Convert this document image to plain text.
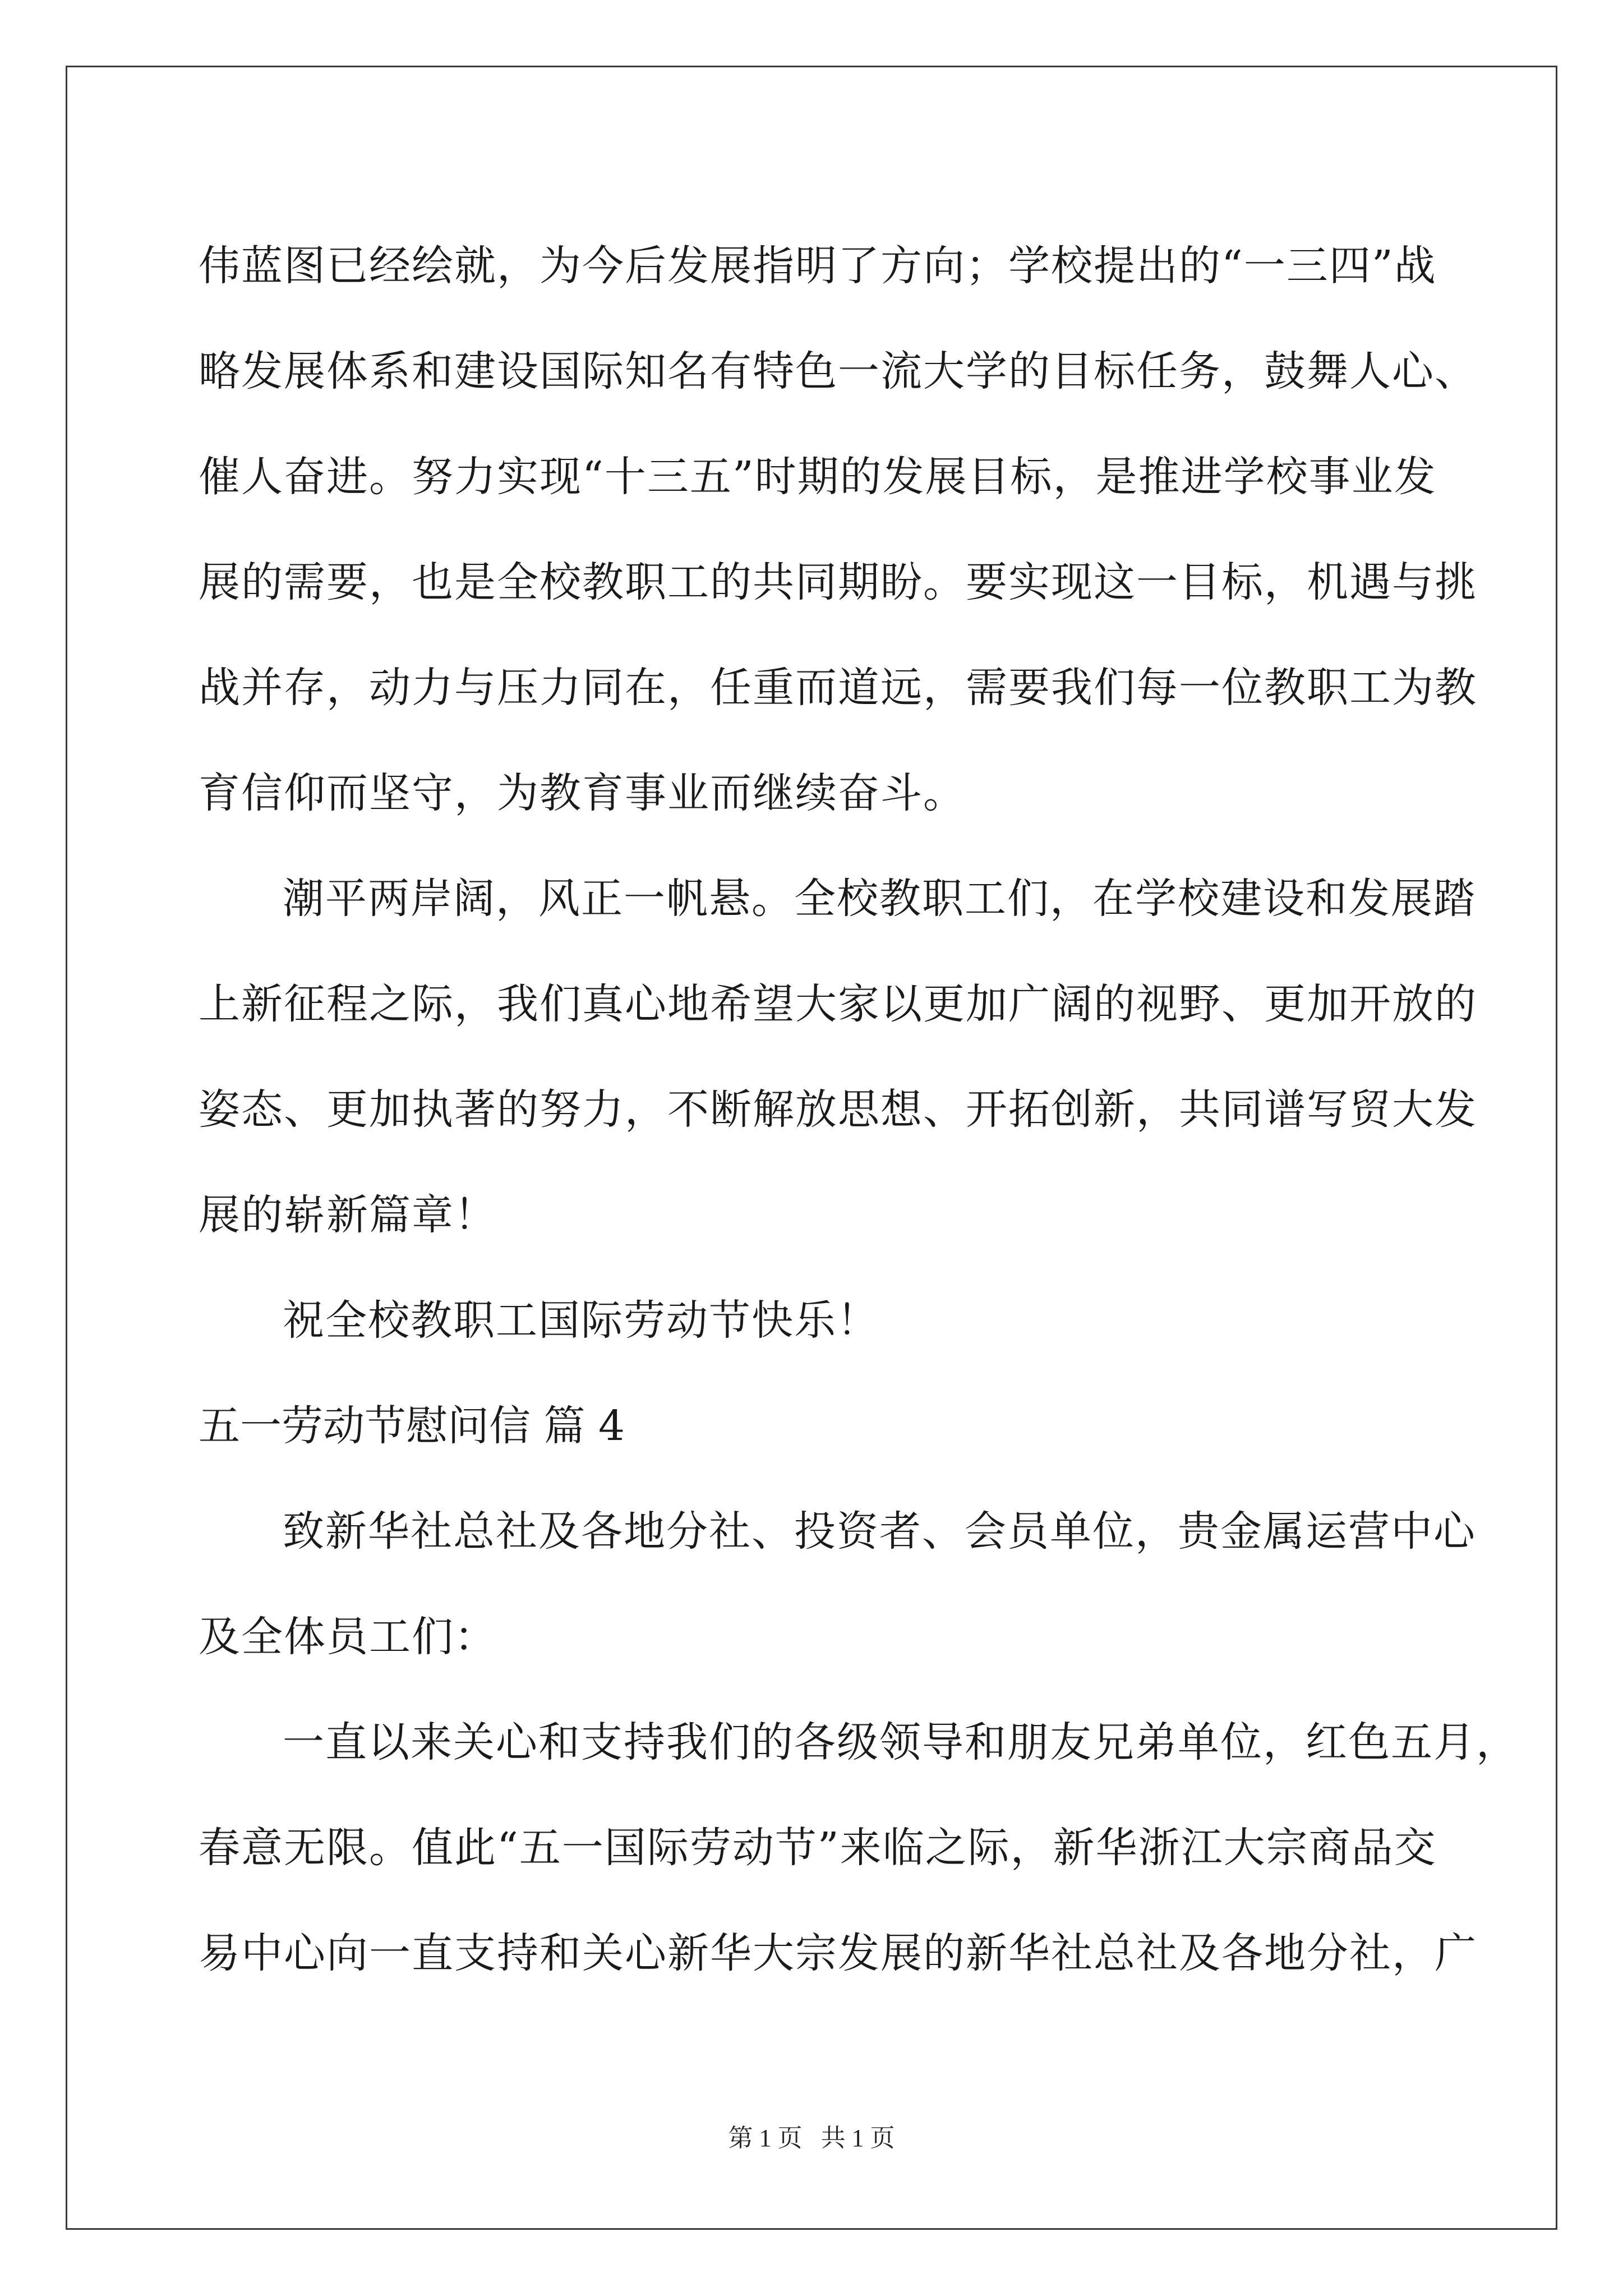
伟蓝图已经绘就，为今后发展指明了方向；学校提出的“一三四”战
略发展体系和建设国际知名有特色一流大学的目标任务，鼓舞人心、
催人奋进。努力实现“十三五”时期的发展目标，是推进学校事业发
展的需要，也是全校教职工的共同期盼。要实现这一目标，机遇与挑
战并存，动力与压力同在，任重而道远，需要我们每一位教职工为教
育信仰而坚守，为教育事业而继续奋斗。
潮平两岸阔，风正一帆悬。全校教职工们，在学校建设和发展踏
上新征程之际，我们真心地希望大家以更加广阔的视野、更加开放的
姿态、更加执著的努力，不断解放思想、开拓创新，共同谱写贸大发
展的崭新篇章！
祝全校教职工国际劳动节快乐！
五一劳动节慰问信 篇 4
致新华社总社及各地分社、投资者、会员单位，贵金属运营中心
及全体员工们：
一直以来关心和支持我们的各级领导和朋友兄弟单位，红色五月，
春意无限。值此“五一国际劳动节”来临之际，新华浙江大宗商品交
易中心向一直支持和关心新华大宗发展的新华社总社及各地分社，广
第 1 页 共 1 页
